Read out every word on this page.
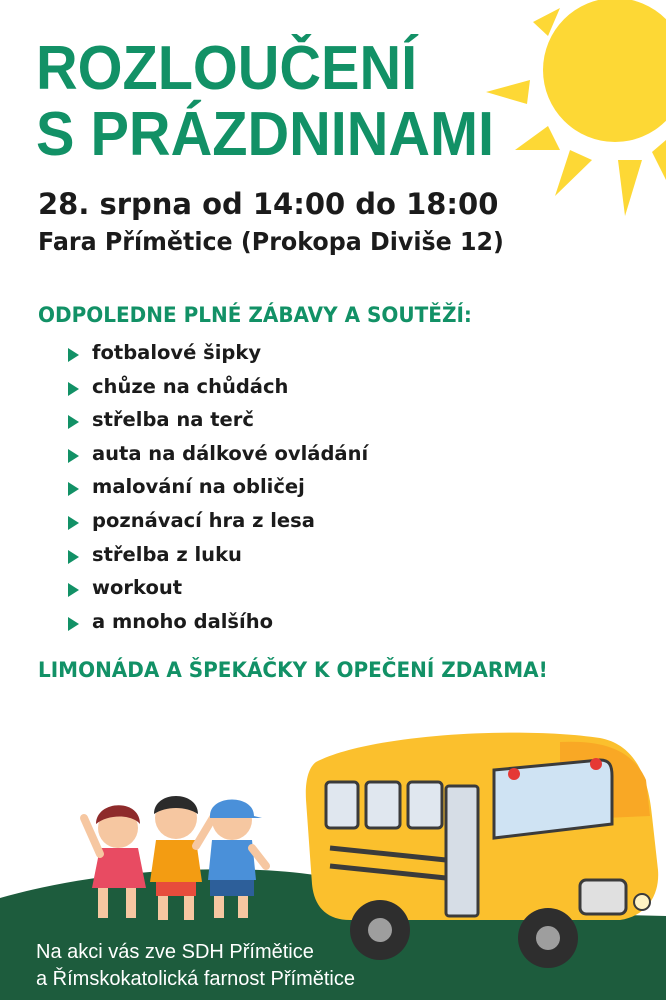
ROZLOUČENÍ
S PRÁZDNINAMI
28. srpna od 14:00 do 18:00
Fara Přímětice (Prokopa Diviše 12)
ODPOLEDNE PLNÉ ZÁBAVY A SOUTĚŽÍ:
fotbalové šipky
chůze na chůdách
střelba na terč
auta na dálkové ovládání
malování na obličej
poznávací hra z lesa
střelba z luku
workout
a mnoho dalšího
LIMONÁDA A ŠPEKÁČKY K OPEČENÍ ZDARMA!
Na akci vás zve SDH Přímětice
a Římskokatolická farnost Přímětice
